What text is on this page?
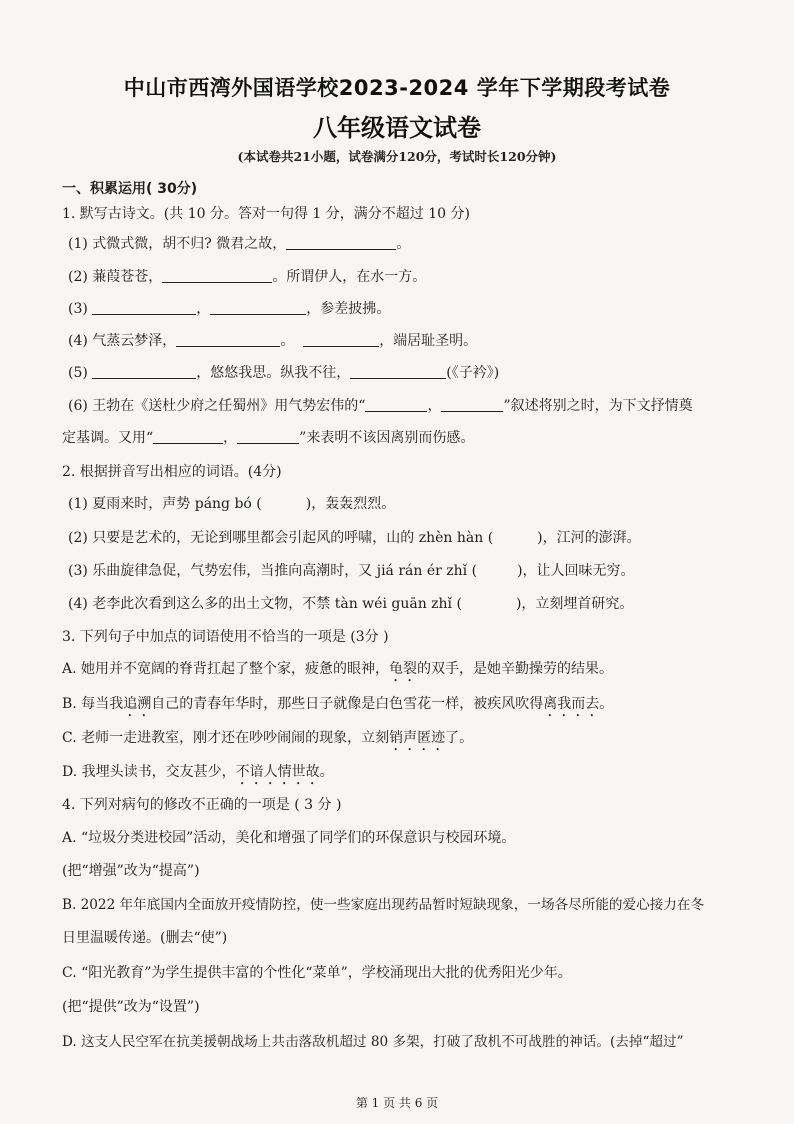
中山市西湾外国语学校2023-2024 学年下学期段考试卷
八年级语文试卷
(本试卷共21小题，试卷满分120分，考试时长120分钟)
一、积累运用( 30分)
1. 默写古诗文。(共 10 分。答对一句得 1 分，满分不超过 10 分)
(1) 式微式微，胡不归? 微君之故，	。
(2) 蒹葭苍苍，	。所谓伊人，在水一方。
(3)	，	，参差披拂。
(4) 气蒸云梦泽，	。	，端居耻圣明。
(5)	，悠悠我思。纵我不往，	(《子衿》)
(6) 王勃在《送杜少府之任蜀州》用气势宏伟的“	，	”叙述将别之时，为下文抒情奠
定基调。又用“	，	”来表明不该因离别而伤感。
2. 根据拼音写出相应的词语。(4分)
(1) 夏雨来时，声势 páng bó (	)，轰轰烈烈。
(2) 只要是艺术的，无论到哪里都会引起风的呼啸，山的 zhèn hàn (	)，江河的澎湃。
(3) 乐曲旋律急促，气势宏伟，当推向高潮时，又 jiá rán ér zhǐ (	)，让人回味无穷。
(4) 老李此次看到这么多的出土文物，不禁 tàn wéi guān zhǐ (	)，立刻埋首研究。
3. 下列句子中加点的词语使用不恰当的一项是 (3分 )
A. 她用并不宽阔的脊背扛起了整个家，疲惫的眼神，龟裂的双手，是她辛勤操劳的结果。
B. 每当我追溯自己的青春年华时，那些日子就像是白色雪花一样，被疾风吹得离我而去。
C. 老师一走进教室，刚才还在吵吵闹闹的现象，立刻销声匿迹了。
D. 我埋头读书，交友甚少，不谙人情世故。
4. 下列对病句的修改不正确的一项是 ( 3 分 )
A. “垃圾分类进校园”活动，美化和增强了同学们的环保意识与校园环境。
(把“增强”改为“提高”)
B. 2022 年年底国内全面放开疫情防控，使一些家庭出现药品暂时短缺现象，一场各尽所能的爱心接力在冬
日里温暖传递。(删去“使”)
C. “阳光教育”为学生提供丰富的个性化“菜单”，学校涌现出大批的优秀阳光少年。
(把“提供”改为“设置”)
D. 这支人民空军在抗美援朝战场上共击落敌机超过 80 多架，打破了敌机不可战胜的神话。(去掉“超过”
第 1 页 共 6 页
